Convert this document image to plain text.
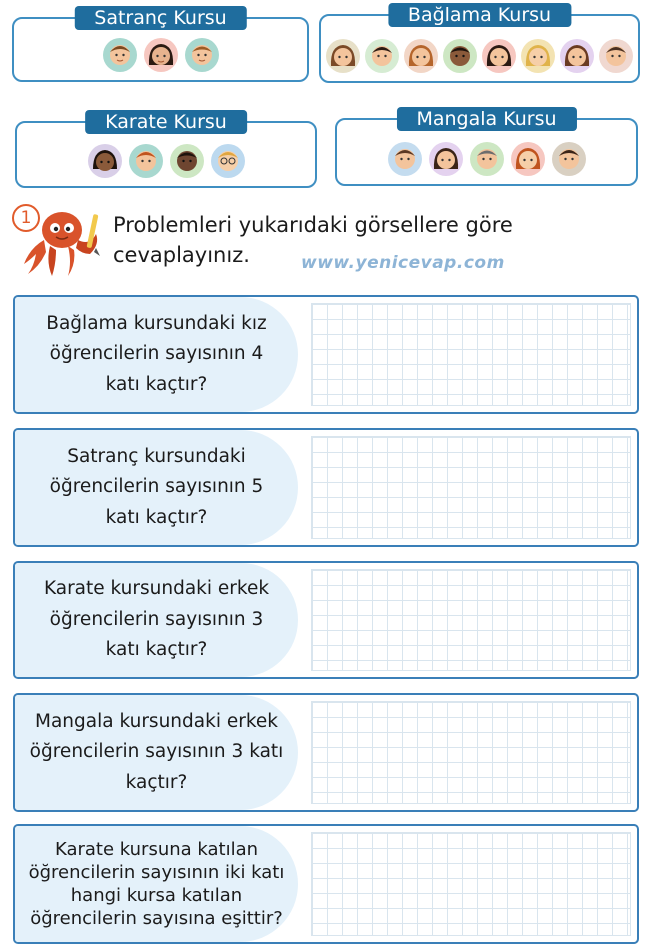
Satranç Kursu	Bağlama Kursu
Karate Kursu	Mangala Kursu
1	Problemleri yukarıdaki görsellere göre cevaplayınız.	www.yenicevap.com
Bağlama kursundaki kız öğrencilerin sayısının 4 katı kaçtır?
Satranç kursundaki öğrencilerin sayısının 5 katı kaçtır?
Karate kursundaki erkek öğrencilerin sayısının 3 katı kaçtır?
Mangala kursundaki erkek öğrencilerin sayısının 3 katı kaçtır?
Karate kursuna katılan öğrencilerin sayısının iki katı hangi kursa katılan öğrencilerin sayısına eşittir?
